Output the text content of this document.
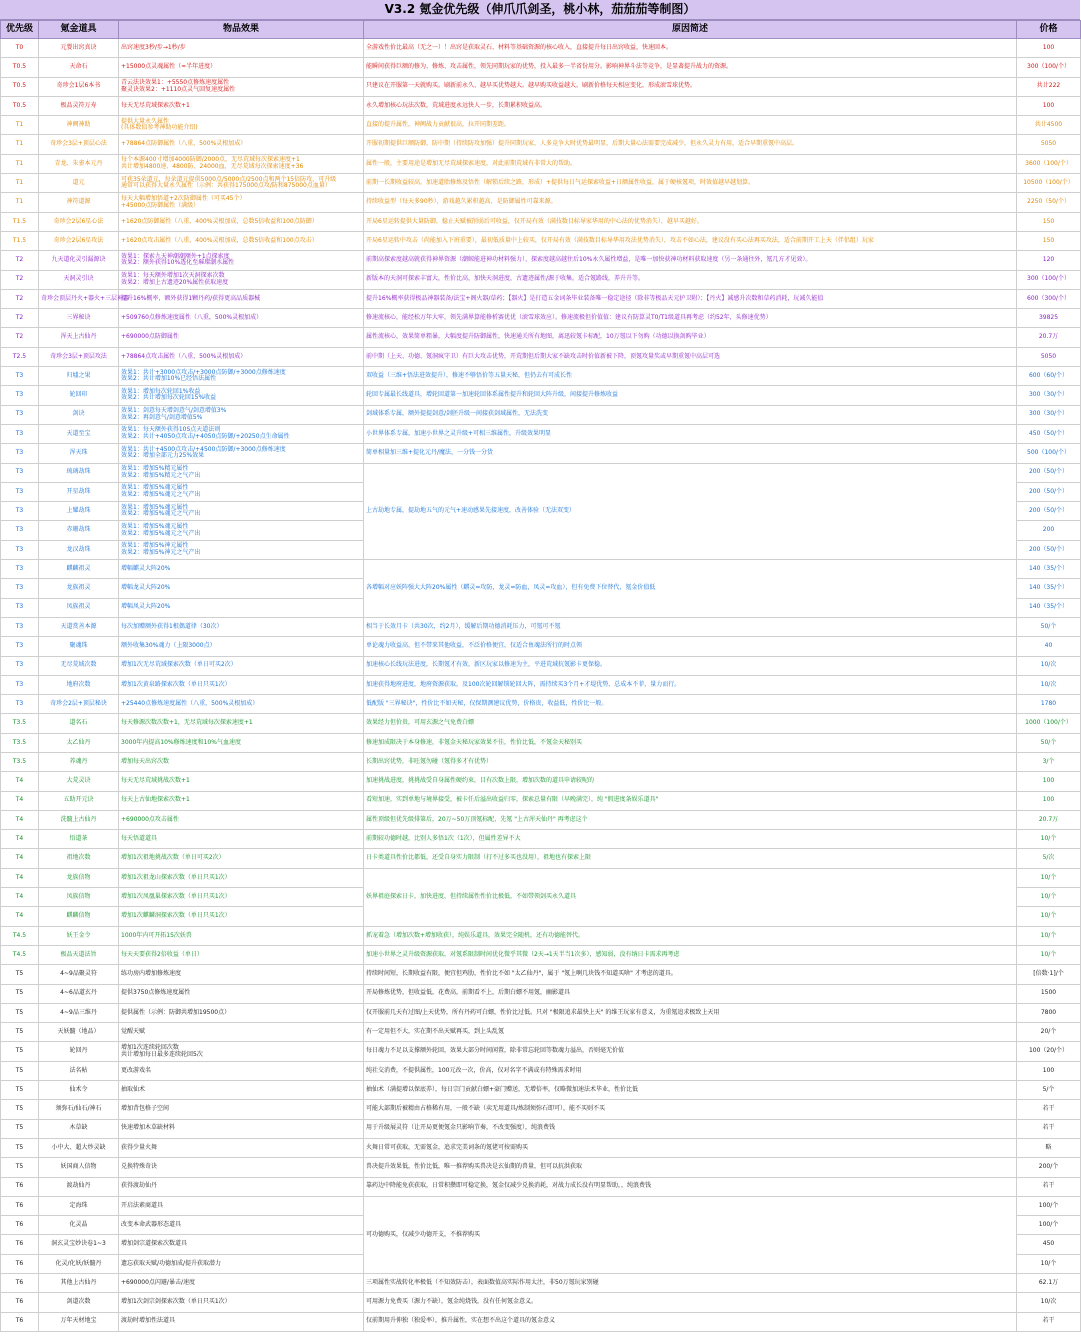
V3.2 氪金优先级（伸爪爪剑圣，桃小林，茄茄茄等制图）
优先级	氪金道具	物品效果	原因简述	价格
T0	元婴出窍真诀	出窍速度3秒/步→1秒/步	全游戏性价比最高（无之一）！出窍是获取灵石、材料等基础资源的核心收入，直接提升每日出窍收益，快速回本。	100
T0.5	天命石	+15000点灵魂属性（≈半年进度）	能瞬间获得巨额的修为、修炼、攻击属性，领先同期玩家的优势，投入最多一半省份用分。影响神界斗法等竞争，是显著提升战力的资源。	300（100/个）
T0.5	奇珍会1层6本书	青云法诀效果1：+5550点修炼速度属性
聚灵诀效果2：+1110点灵气回复速度属性	只建议在开服第一天就购买。刷新前永久、越早买优势越大。越早购买收益越大。刷新价格每天相应变化，形成滚雪球优势。	共计222
T0.5	极品灵符万寿	每天无尽荒域探索次数+1	永久增加核心玩法次数，荒域进度永远快人一步，长期累积收益高。	100
T1	神阙神助	提供大量永久属性
(具体数值参考神助功能介绍)	直接的提升属性，神阙战力贡献很高，拉开同期差距。	共计4500
T1	奇珍会3层+顶层心法	+78864点防御属性（八重，500%灵根加成）	开服初期提供巨额防御，防中期（持续防攻加强）提升同期玩家，人多竞争大时优势最明显，后期大量心法需要完成减少，但永久灵力有用，适合早期重氪中高层。	5050
T1	青龙、朱雀本元丹	每个本源400寸增加4000防御/2000点，无尽荒域每次探索速度+1
共计增加4800速、4800防、24000血，无尽荒域每次探索速度+36	属性一般，主要用途是增加无尽荒域探索速度，对此前期荒域有非常大的帮助。	3600（100/个）
T1	道元	可获35朵道元，每朵道元提供5000点/5000点/2500点和两个15倍防攻，可升级
通常可以获得大量永久属性（示例：共获得175000点攻/防和875000点血量）	前期一长期收益较高，加速道胎修炼及悟性（解锁后续之路，形成）+提供每日气运探索收益+日额属性收益，属于硬核氪项，时效值越早越划算。	10500（100/个）
T1	神符道源	每天大幅增加悟道+2次防御属性（可买45个）
+45000点防御属性（满级）	持续收益型（每天多90秒），游戏越久累积越高，是防御属性可靠来源。	2250（50/个）
T1.5	奇珍会2层6星心法	+1620点防御属性（八重，400%灵根加成，总数5倍收益和100点防御）	开局6星运转提供大量防御，稳止天赋被削弱后可收益，仅开局有效（满技数目标导家华用的中心法的优势消失），越早买越好。	150
T1.5	奇珍会2层6星攻法	+1620点攻击属性（八重，400%灵根加成，总数5倍收益和100点攻击）	开局6星运转中攻击（尚能加入下班重要），最初低质量中上较买，仅开局有效（满技数目标导华用攻法优势消失），攻击不如心法，建议没有买心法再买攻法，适合前期开工上天（伴侣组）玩家	150
T2	九天道化灵引漏源诀	效果1：探索九天神潮潮额外+1点探索度
效果2：额外获得10%透化至璀璨潮水属性	前期高探索度越高就获得神界资源（潮鲸能进神功材料强力）、探索度越高越往后10%永久属性增益，是唯一加快获神功材料获取速度（另一条通往外，氪几方才见效）。	120
T2	天洞灵引诀	效果1：每天额外增加1次天洞探索次数
效果2：增加上古遗迹20%属性获取速度	新版本的天洞可探索丰富大，性价比高，加快天洞进度，古遗迹属性/源于收集，适合氪路线，养升升等。	300（100/个）
T2	奇珍会顶层丹火+器火+三层神器	提升16%概率，额外获得1颗丹药/获得更高品质器械	提升16%概率获得极品神器装备/法宝+阁火器/草药；【器火】是打造五金词条毕业装备唯一稳定途径（除非等极品天元护卫附）；【丹火】减感升次数和草药消耗，玩减久能值	600（300/个）
T2	三界秘诀	+509760点修炼速度属性（八重，500%灵根加成）	修速流核心，能经松万年大牢，领先满界算能修析赛优优（滚雪球效应）。修速流极但价值值：建议有防算灵T0/T1级道具再考虑（约52年，头修速优势）	39825
T2	浑天上古仙丹	+690000点防御属性	属性流核心，效果简单粗暴，大幅度提升防御属性，快速通关所有地图，离迅较氪卡标配，10万氪以下勿购（功德以换剑购毕业）	20.7万
T2.5	奇珍会3层+顶层攻法	+78864点攻击属性（八重，500%灵根加成）	前中期（上天、功德、氪洞疯守卫）有巨大攻击优势，开荒期但后期大家不缺攻击时价值新被下降，顶氪攻量奖或早期重氪中高层可选	5050
T3	归墟之果	效果1：共计+3000点攻击/+3000点防御/+3000点修炼速度
效果2：共计增加10%已经悟法属性	双收益（三维+悟法进效提升），修速不够悟价等五量天秘，但仍去有可成长性	600（60/个）
T3	轮回印	效果1：增加每次轮回1%收益
效果2：共计增加每次轮回15%收益	轮回专属最长线道具，增轮回道第一加速轮回体系属性提升和轮回大阵升级，间接提升修炼收益	300（30/个）
T3	剑诀	效果1：剑意每天增剑意气/剑意增值3%
效果2：再剑意气/剑意增值5%	剑域体系专属，额外提提剑意/剑胚升级一间接获剑域属性，无法洗变	300（30/个）
T3	天道至宝	效果1：每天额外获得10S点天道法则
效果2：共计+4050点攻击/+4050点防御/+20250点生命属性	小世界体系专属，加速小世界之灵升级+可相三维属性，升级效果明显	450（50/个）
T3	浑天珠	效果1：共计+4500点攻击/+4500点防御/+3000点修炼速度
效果2：增加全部元力25%效果	简单相量加三维+提化元丹/魔法，一分钱一分货	500（100/个）
T3	琉璃劫珠	效果1：增加5%精元属性
效果2：增加5%精元之气产出	上古劫地专属，提劫地五气的元气+速动感果先接速度，改善体验（无法双变）	200（50/个）
T3	开星劫珠	效果1：增加5%魂元属性
效果2：增加5%魂元之气产出		200（50/个）
T3	上耀劫珠	效果1：增加5%魂元属性
效果2：增加5%魂元之气产出		200（50/个）
T3	赤珊劫珠	效果1：增加5%魂元属性
效果2：增加5%魂元之气产出		200
T3	龙汉劫珠	效果1：增加5%神元属性
效果2：增加5%神元之气产出		200（50/个）
T3	麒麟祖灵	增幅麒灵大阵20%	各增幅对应妖阵强大大阵20%属性（麒灵=攻防，龙灵=防血，凤灵=攻血），但有免费下位替代，氪金价值低	140（35/个）
T3	龙族祖灵	增幅龙灵大阵20%		140（35/个）
T3	凤族祖灵	增幅凤灵大阵20%		140（35/个）
T3	天道赏善本源	每次加赠额外获得1根偶道律（30次）	相当于长效月卡（共30次，约2月），缓解后期功德消耗压力，可氪可不氪	50/个
T3	聚魂珠	额外收集30%魂力（上限3000点）	单论魂力收益高，但不带来其他收益，不泛价格便宜，仅适合鱼魂法所行的时点领	40
T3	无尽荒域次数	增加1次无尽荒域探索次数（单日可买2次）	加速核心长线玩法进度，长期氪才有效，新区玩家以修速为主，平进荒域抗氪影卡更保稳。	10/次
T3	地府次数	增加1次黄泉路探索次数（单日只买1次）	加速获得地府进度，地府资源获取，及100次轮回解锁轮回大阵，需持续买3个月+才堤优势，总成本不菲，量力而行。	10/次
T3	奇珍会2层+顶层秘诀	+25440点修炼速度属性（八重，500%灵根加成）	低配版 "三界秘诀"，性价比不如天秘，仅保期测建议优势，价格贵，收益低，性价比一般。	1780
T3.5	道名石	每天修源次数次数+1，无尽荒域每次探索速度+1	效果经力但价贵，可用玄源之气免费白嫖	1000（100/个）
T3.5	太乙仙丹	3000年内提高10%修炼速度和10%气血速度	修速加成限决于本身修速，非氪金天秘玩家效果不佳，性价比低，不氪金天秘别买	50/个
T3.5	养魂丹	增加每天出窍次数	长期出窍优势，非旺氪勿碰（氪得多才有优势）	3/个
T4	大荒灵诀	每天无尽荒域挑战次数+1	加速挑战进度，挑挑战受自身属性硬约束，目有次数上限，增加次数的道具申请较呢的	100
T4	五助开元诀	每天上古仙地探索次数+1	看短加速，实到单地与境界接受，被卡任后溢出收益归零，探索总量有限（早晚满完），纯 "假进度条娱乐道具"	100
T4	洗髓上古仙丹	+690000点攻击属性	属性顶级但优先级排第后，20万~50万顶氪标配，先氪 "上古浑天仙丹" 再考虑这个	20.7万
T4	悟道茶	每天悟道道具	前期较功德时越，比别人多悟1次（1次），但属性差异不大	10/个
T4	祖地次数	增加1次祖地挑战次数（单日可买2次）	日卡类道具性价比都低，还受自身实力限制（打不过多买也没用），祖地也有探索上限	5/次
T4	龙族信物	增加1次祖龙山探索次数（单日只买1次）	妖界祖庭探索日卡，加快进度，但持续属性性价比极低，不如带领剑买永久道具	10/个
T4	凤族信物	增加1次凤凰巢探索次数（单日只买1次）		10/个
T4	麒麟信物	增加1次麒麟洞探索次数（单日只买1次）		10/个
T4.5	妖王金令	1000年内可开拓15次妖兽	抓宠着急（增加次数+增加收获），纯娱乐道具，效果完全随机，还有功德能替代。	10/个
T4.5	极品天道法旨	每天天要获得2倍收益（单日）	加速小世界之灵升级资源获取，对氪系限制时间优化微乎其微（2天→1天半当1次多），感知弱，没有纳日卡需求再考虑	10/个
T5	4~9品聚灵符	练功房内增加修炼速度	持续时间短，长期收益有限，便宜但鸡肋，性价比不如 "太乙仙丹"，属于 "氪上啊几块钱不知道买啥" 才考虑的道具。	[倍数·1]/个
T5	4~6品道玄丹	提供3750点修炼速度属性	开局修炼优势，但收益低，花费高，前期看不上，后期白嫖不用氪，幽影道具	1500
T5	4~9品三维丹	提供属性（示例：防御共增加19500点）	仅开服前几天有过图/上天优势，所有丹药可白嫖，性价比过低。只对 "极限追求最快上天" 的维王玩家有意义，为重氪追求极致上天用	7800
T5	天妖髓（地品）	觉醒天赋	有一定用但不大，实在期不出天赋再买，到上头乱氪	20/个
T5	轮回丹	增加1次连续轮回次数
共计增加每日最多连续轮回5次	每日魂力不足以支撑额外轮回，效果大部分时间闲置，除非常忘轮回等数魂力溢出，否则毫无价值	100（20/个）
T5	法名帖	更改游戏名	纯社交消费，不提供属性，100元改一次，价高，仅对名字不满或有特殊需求时用	100
T5	仙术令	抽取仙术	抽仙术（满提增以保底养），每日宗门贡献白嫖+豪门赠送，无增倍率，仅略微加速法术毕业，性价比低	5/个
T5	须弥石/仙石/神石	增加背包格子空间	可能大部期后被精由占格稀有用，一般不缺（卖无用道具/炼制须弥石即可），能不买则不买	若干
T5	木草缺	快速增加木草缺材料	用于升级展灵符（让开局更便氪金只影响节奏，不改变强度），纯浪费钱	若干
T5	小中大、超大炒灵缺	获得少量火舞	火舞日常可获取，无需氪金，追求完美词条的氪佬可按需购买	略
T5	妖国商人信物	兑换特殊奇诀	兽决提升效果低，性价比低，唯一推荐购买兽决是玄仙期的兽量，但可以抗洪获取	200/个
T6	渡劫仙丹	获得渡劫仙丹	靠药边中降能免获获取，日常积攒即可稳定换，氪金仅减少兑换消耗，对战力成长没有明显帮助，，纯浪费钱	若干
T6	定海珠	开启法素商道具	可功德购买，仅减少功德开支，不推荐购买	100/个
T6	化灵晶	改变本命武器形态道具		100/个
T6	洞玄灵宝妙诀卷1~3	增加剑宗道探索次数道具		450
T6	化灵/化妖/妖髓丹	遗忘获取天赋/功德加成/提升获取潜力		10/个
T6	其他上古仙丹	+690000点闪避/暴击/速度	三项属性实战转化率极低（不知效防击），表面数值高实际作用太注，非50万氪玩家别碰	62.1万
T6	剑道次数	增加1次剑宗剑探索次数（单日只买1次）	可用源力免费买（源力不缺），氪金纯烧钱，没有任何氪金意义。	10/次
T6	万年天材地宝	渡劫时增加性法道具	仅前期用升伸独（独爱率），推升属性，实在想不出这个道具的氪金意义	若干
